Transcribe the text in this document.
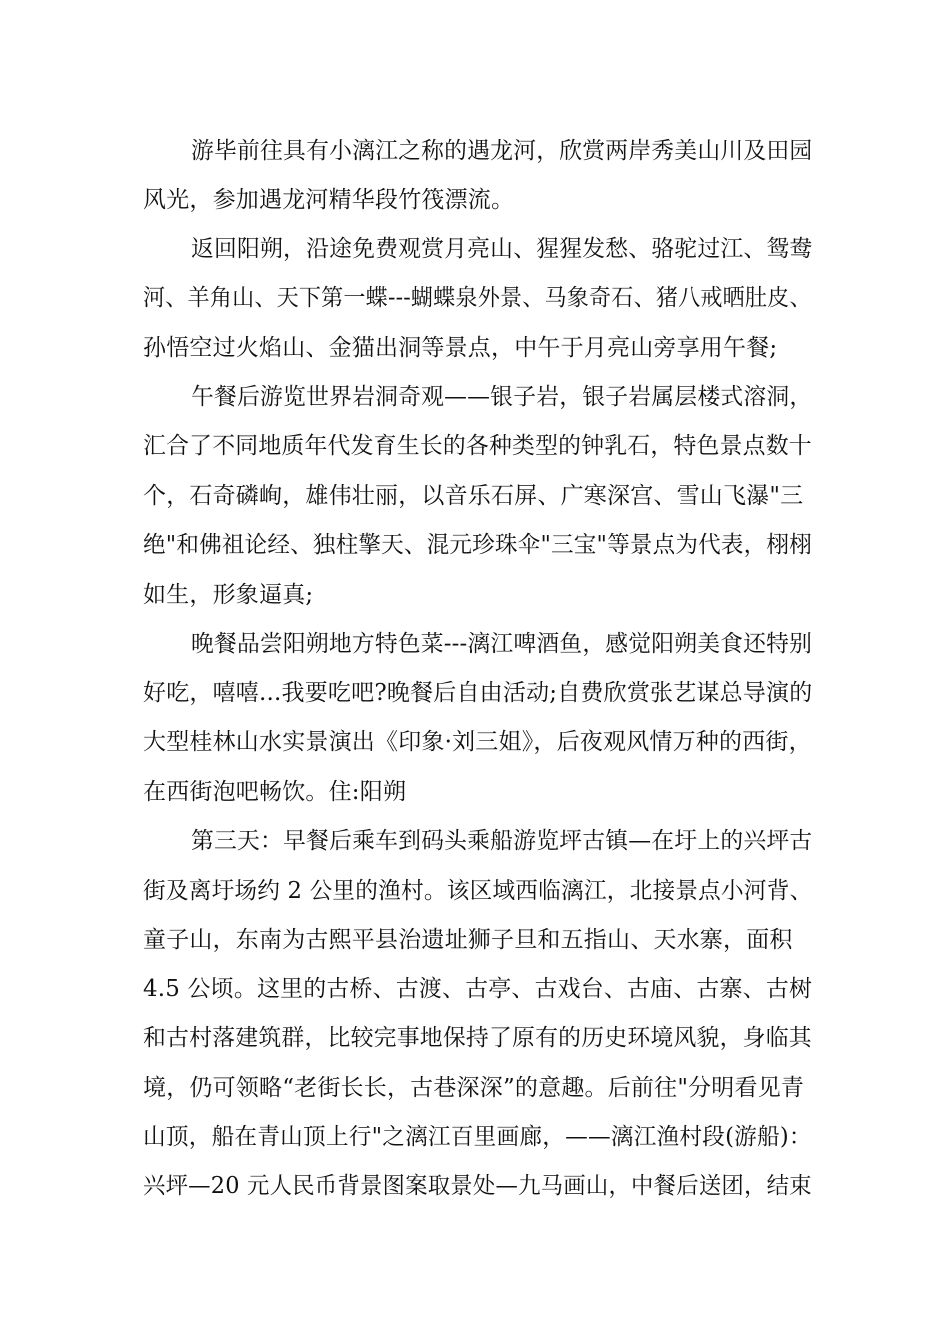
游毕前往具有小漓江之称的遇龙河，欣赏两岸秀美山川及田园
风光，参加遇龙河精华段竹筏漂流。
返回阳朔，沿途免费观赏月亮山、猩猩发愁、骆驼过江、鸳鸯
河、羊角山、天下第一蝶---蝴蝶泉外景、马象奇石、猪八戒晒肚皮、
孙悟空过火焰山、金猫出洞等景点，中午于月亮山旁享用午餐;
午餐后游览世界岩洞奇观——银子岩，银子岩属层楼式溶洞，
汇合了不同地质年代发育生长的各种类型的钟乳石，特色景点数十
个，石奇磷峋，雄伟壮丽，以音乐石屏、广寒深宫、雪山飞瀑"三
绝"和佛祖论经、独柱擎天、混元珍珠伞"三宝"等景点为代表，栩栩
如生，形象逼真;
晚餐品尝阳朔地方特色菜---漓江啤酒鱼，感觉阳朔美食还特别
好吃，嘻嘻...我要吃吧?晚餐后自由活动;自费欣赏张艺谋总导演的
大型桂林山水实景演出《印象·刘三姐》，后夜观风情万种的西街，
在西街泡吧畅饮。住:阳朔
第三天：早餐后乘车到码头乘船游览坪古镇—在圩上的兴坪古
街及离圩场约 2 公里的渔村。该区域西临漓江，北接景点小河背、
童子山，东南为古熙平县治遗址狮子旦和五指山、天水寨，面积
4.5 公顷。这里的古桥、古渡、古亭、古戏台、古庙、古寨、古树
和古村落建筑群，比较完事地保持了原有的历史环境风貌，身临其
境，仍可领略“老街长长，古巷深深”的意趣。后前往"分明看见青
山顶，船在青山顶上行"之漓江百里画廊，——漓江渔村段(游船)：
兴坪—20 元人民币背景图案取景处—九马画山，中餐后送团，结束
